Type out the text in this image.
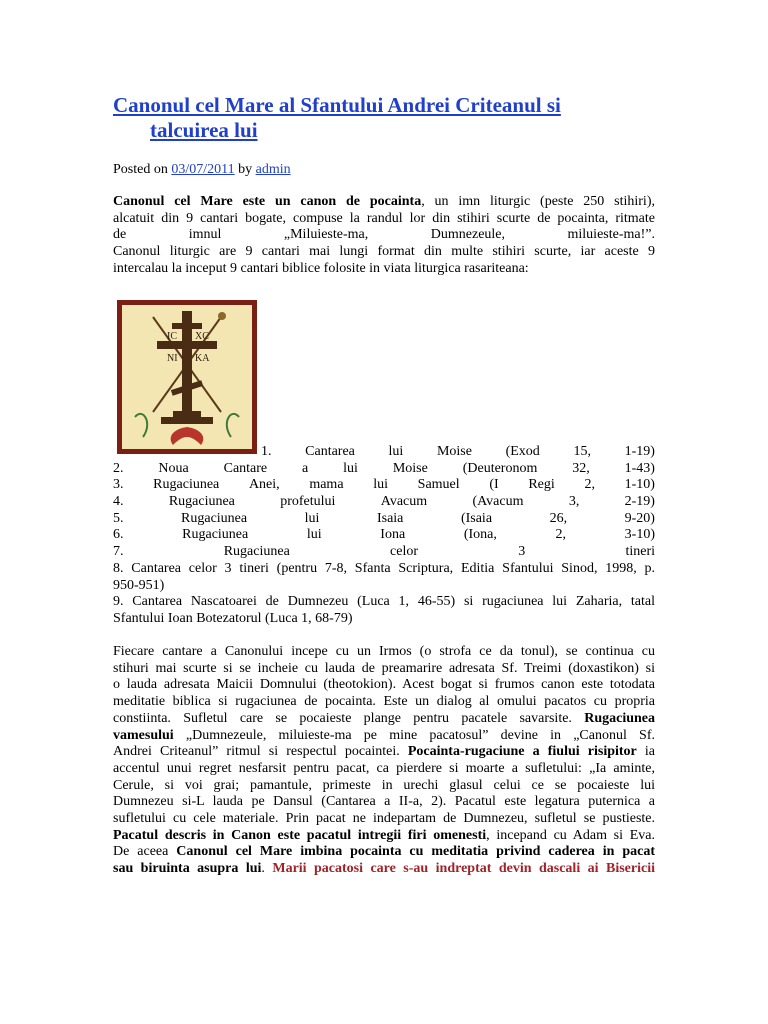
Canonul cel Mare al Sfantului Andrei Criteanul si
talcuirea lui
Posted on 03/07/2011 by admin

Canonul cel Mare este un canon de pocainta, un imn liturgic (peste 250 stihiri),

alcatuit din 9 cantari bogate, compuse la randul lor din stihiri scurte de pocainta, ritmate

de	imnul	„Miluieste-ma,	Dumnezeule,	miluieste-ma!”.

Canonul liturgic are 9 cantari mai lungi format din multe stihiri scurte, iar aceste 9

intercalau la inceput 9 cantari biblice folosite in viata liturgica rasariteana:

IC XC
NI KA
1. Cantarea lui Moise (Exod 15, 1-19)
2. Noua Cantare a lui Moise (Deuteronom 32, 1-43)
3. Rugaciunea Anei, mama lui Samuel (I Regi 2, 1-10)
4.	Rugaciunea	profetului	Avacum	(Avacum	3,	2-19)
5.	Rugaciunea	lui	Isaia	(Isaia	26,	9-20)
6.	Rugaciunea	lui	Iona	(Iona,	2,	3-10)
7.	Rugaciunea	celor	3	tineri
8. Cantarea celor 3 tineri (pentru 7-8, Sfanta Scriptura, Editia Sfantului Sinod, 1998, p.
950-951)
9. Cantarea Nascatoarei de Dumnezeu (Luca 1, 46-55) si rugaciunea lui Zaharia, tatal
Sfantului Ioan Botezatorul (Luca 1, 68-79)
Fiecare cantare a Canonului incepe cu un Irmos (o strofa ce da tonul), se continua cu
stihuri mai scurte si se incheie cu lauda de preamarire adresata Sf. Treimi (doxastikon) si
o lauda adresata Maicii Domnului (theotokion). Acest bogat si frumos canon este totodata
meditatie biblica si rugaciunea de pocainta. Este un dialog al omului pacatos cu propria
constiinta. Sufletul care se pocaieste plange pentru pacatele savarsite. Rugaciunea
vamesului „Dumnezeule, miluieste-ma pe mine pacatosul” devine in „Canonul Sf.
Andrei Criteanul” ritmul si respectul pocaintei. Pocainta-rugaciune a fiului risipitor ia
accentul unui regret nesfarsit pentru pacat, ca pierdere si moarte a sufletului: „Ia aminte,
Cerule, si voi grai; pamantule, primeste in urechi glasul celui ce se pocaieste lui
Dumnezeu si-L lauda pe Dansul (Cantarea a II-a, 2). Pacatul este legatura puternica a
sufletului cu cele materiale. Prin pacat ne indepartam de Dumnezeu, sufletul se pustieste.
Pacatul descris in Canon este pacatul intregii firi omenesti, incepand cu Adam si Eva.
De aceea Canonul cel Mare imbina pocainta cu meditatia privind caderea in pacat
sau biruinta asupra lui. Marii pacatosi care s-au indreptat devin dascali ai Bisericii
